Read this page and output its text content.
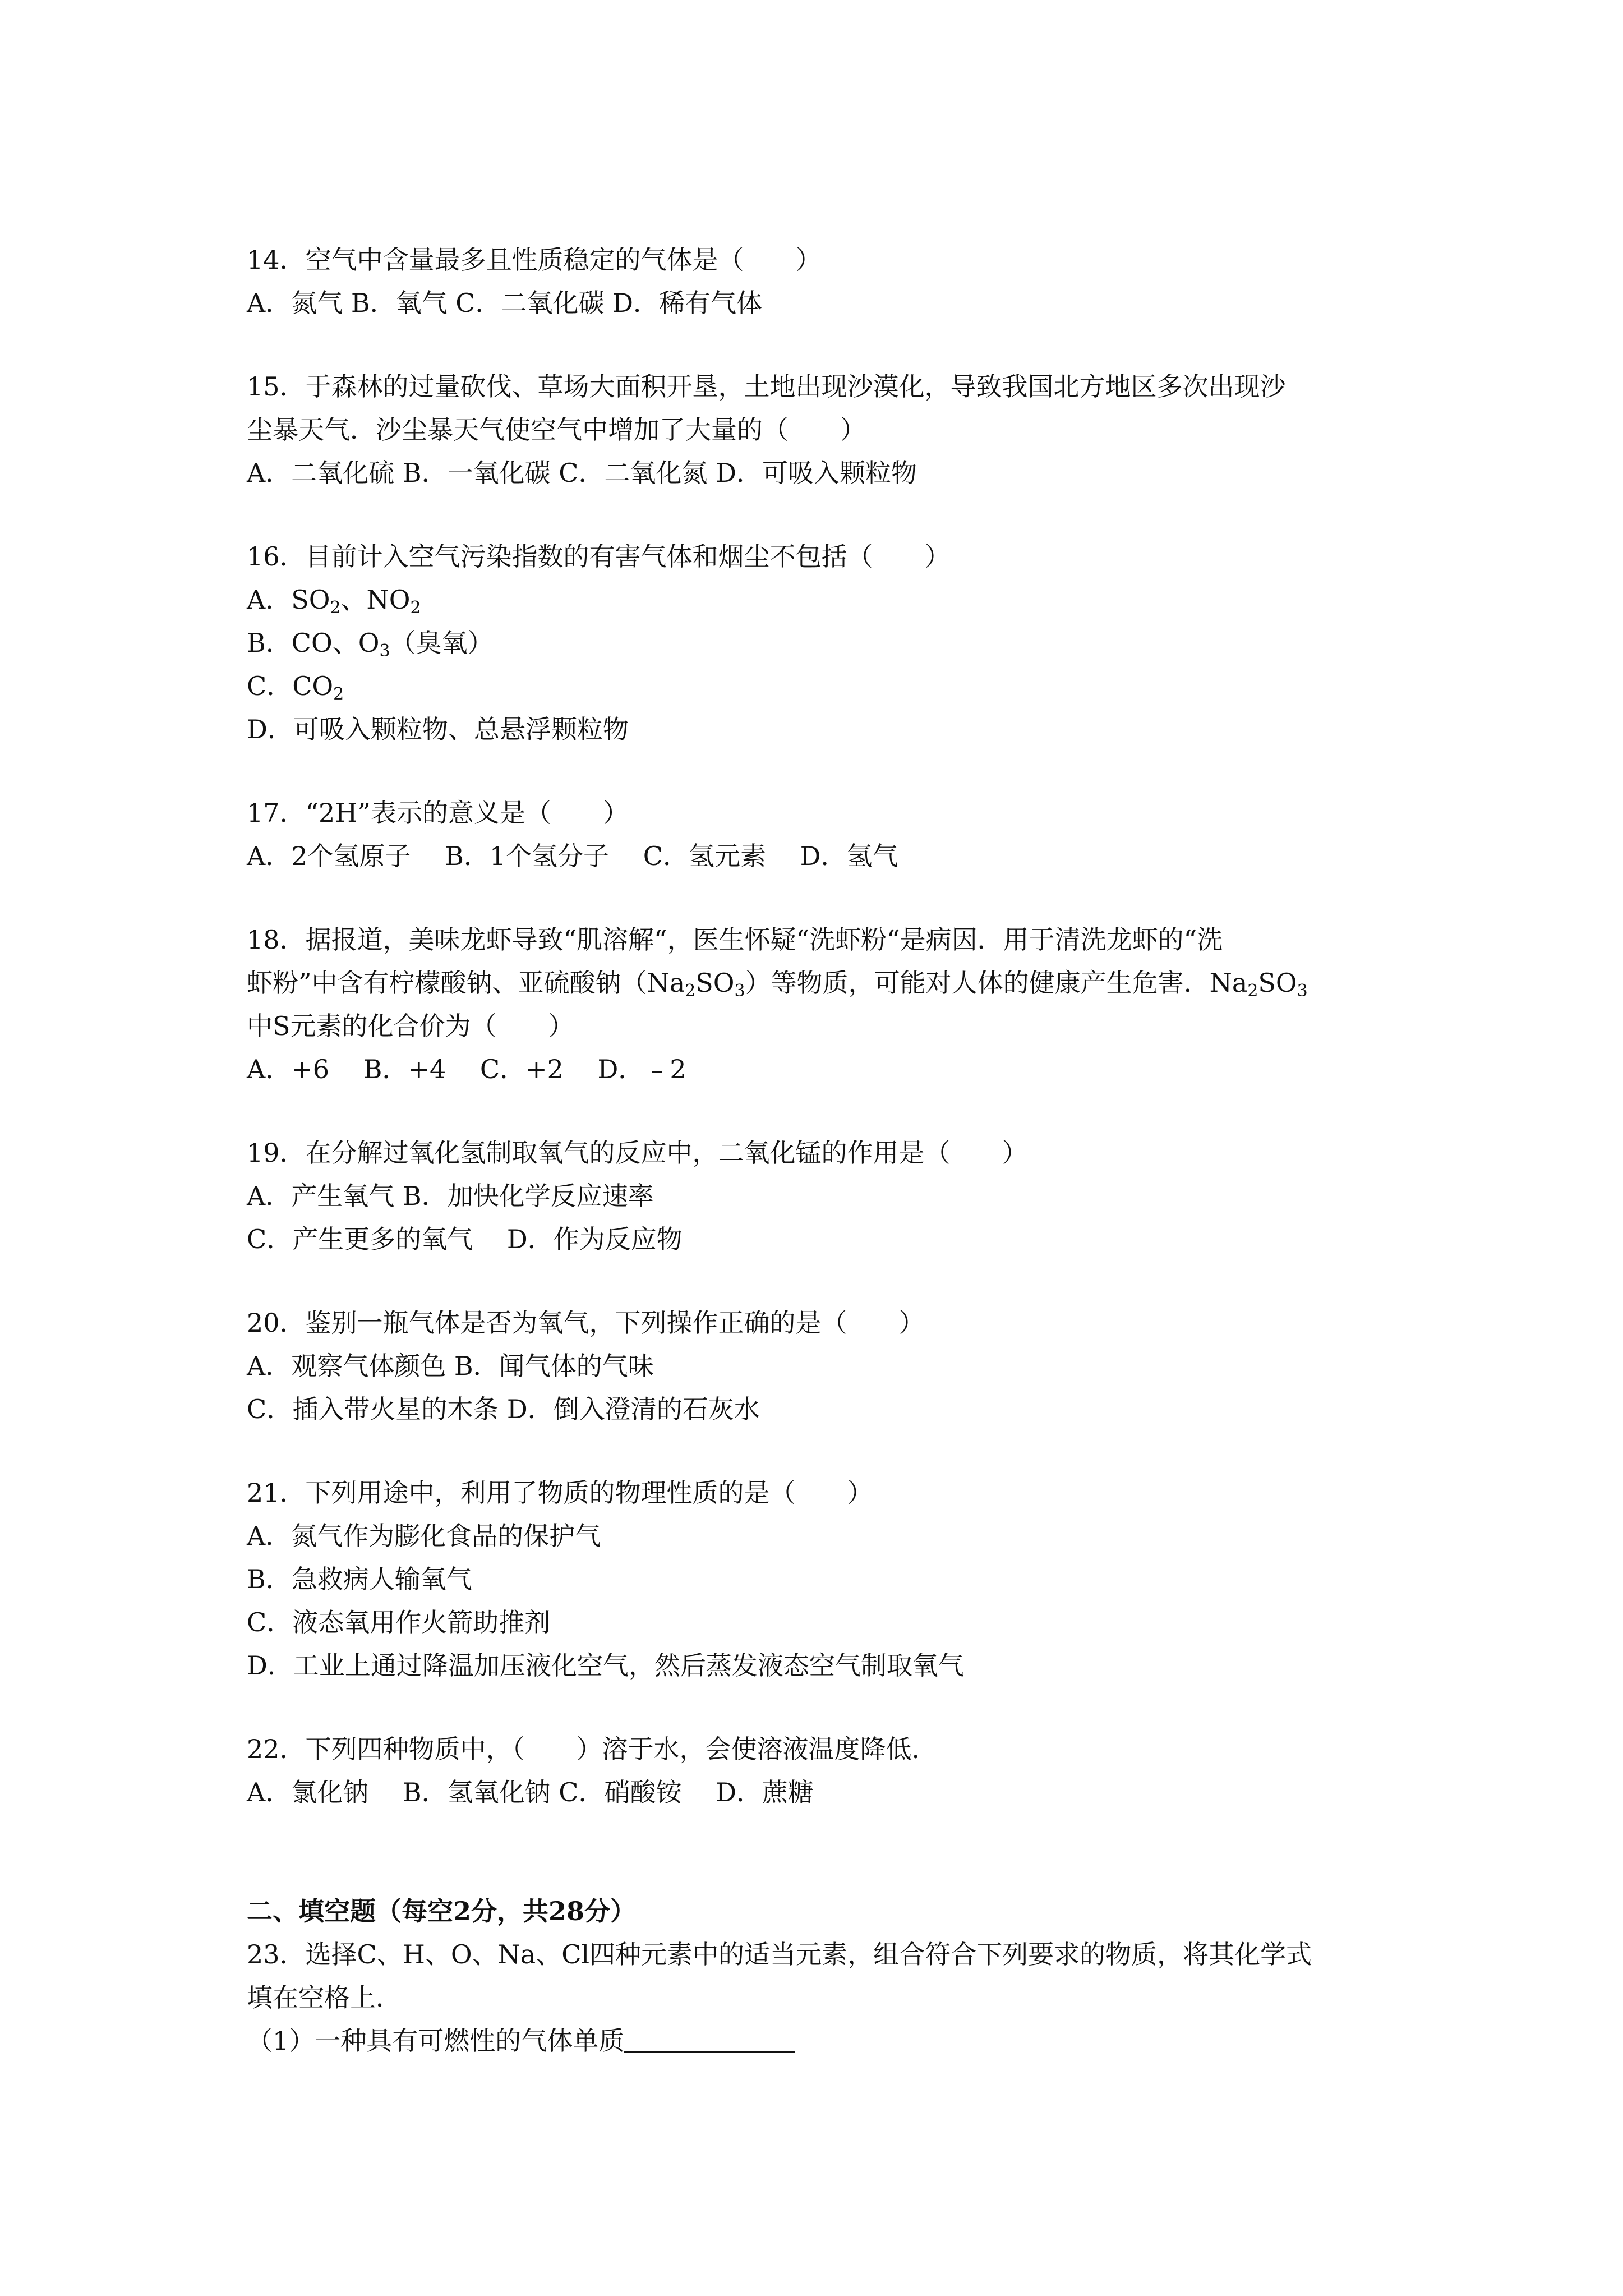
14．空气中含量最多且性质稳定的气体是（　　）
A．氮气 B．氧气 C．二氧化碳 D．稀有气体
15．于森林的过量砍伐、草场大面积开垦，土地出现沙漠化，导致我国北方地区多次出现沙
尘暴天气．沙尘暴天气使空气中增加了大量的（　　）
A．二氧化硫 B．一氧化碳 C．二氧化氮 D．可吸入颗粒物
16．目前计入空气污染指数的有害气体和烟尘不包括（　　）
A．$SO_2$、$NO_2$
B．CO、$O_3$（臭氧）
C．$CO_2$
D．可吸入颗粒物、总悬浮颗粒物
17．“2H”表示的意义是（　　）
A．2个氢原子　 B．1个氢分子　 C．氢元素　 D．氢气
18．据报道，美味龙虾导致“肌溶解“，医生怀疑“洗虾粉“是病因．用于清洗龙虾的“洗
虾粉”中含有柠檬酸钠、亚硫酸钠$(Na_2SO_3)$等物质，可能对人体的健康产生危害．$Na_2SO_3$
中S元素的化合价为（　　）
A．+6　 B．+4　 C．+2　 D．﹣2
19．在分解过氧化氢制取氧气的反应中，二氧化锰的作用是（　　）
A．产生氧气 B．加快化学反应速率
C．产生更多的氧气　 D．作为反应物
20．鉴别一瓶气体是否为氧气，下列操作正确的是（　　）
A．观察气体颜色 B．闻气体的气味
C．插入带火星的木条 D．倒入澄清的石灰水
21．下列用途中，利用了物质的物理性质的是（　　）
A．氮气作为膨化食品的保护气
B．急救病人输氧气
C．液态氧用作火箭助推剂
D．工业上通过降温加压液化空气，然后蒸发液态空气制取氧气
22．下列四种物质中，（　　）溶于水，会使溶液温度降低．
A．氯化钠　 B．氢氧化钠 C．硝酸铵　 D．蔗糖
二、填空题（每空2分，共28分）
23．选择C、H、O、Na、Cl四种元素中的适当元素，组合符合下列要求的物质，将其化学式
填在空格上．
（1）一种具有可燃性的气体单质
